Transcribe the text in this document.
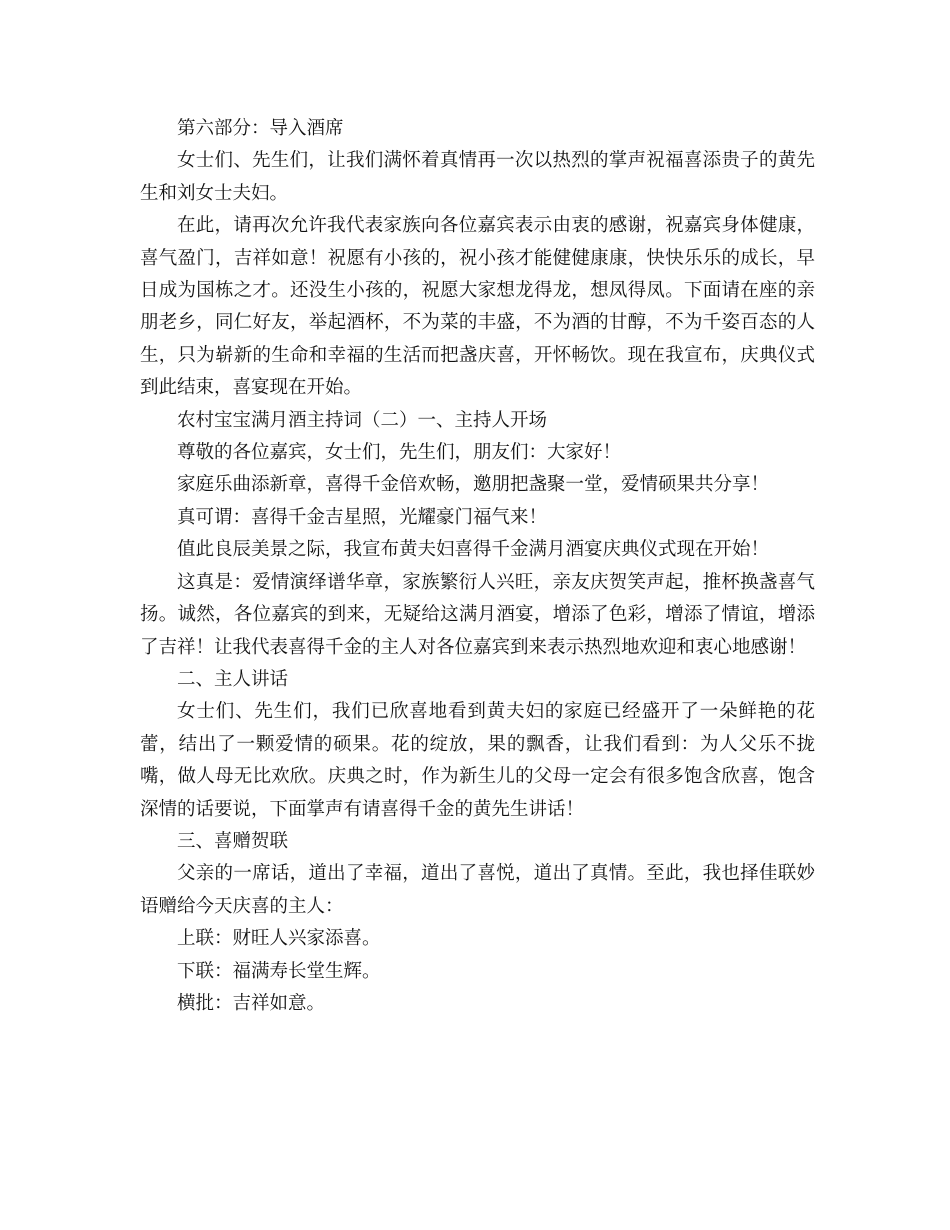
第六部分：导入酒席

女士们、先生们，让我们满怀着真情再一次以热烈的掌声祝福喜添贵子的黄先生和刘女士夫妇。

在此，请再次允许我代表家族向各位嘉宾表示由衷的感谢，祝嘉宾身体健康，喜气盈门，吉祥如意！祝愿有小孩的，祝小孩才能健健康康，快快乐乐的成长，早日成为国栋之才。还没生小孩的，祝愿大家想龙得龙，想凤得凤。下面请在座的亲朋老乡，同仁好友，举起酒杯，不为菜的丰盛，不为酒的甘醇，不为千姿百态的人生，只为崭新的生命和幸福的生活而把盏庆喜，开怀畅饮。现在我宣布，庆典仪式到此结束，喜宴现在开始。

农村宝宝满月酒主持词（二）一、主持人开场

尊敬的各位嘉宾，女士们，先生们，朋友们：大家好！

家庭乐曲添新章，喜得千金倍欢畅，邀朋把盏聚一堂，爱情硕果共分享！

真可谓：喜得千金吉星照，光耀豪门福气来！

值此良辰美景之际，我宣布黄夫妇喜得千金满月酒宴庆典仪式现在开始！

这真是：爱情演绎谱华章，家族繁衍人兴旺，亲友庆贺笑声起，推杯换盏喜气扬。诚然，各位嘉宾的到来，无疑给这满月酒宴，增添了色彩，增添了情谊，增添了吉祥！让我代表喜得千金的主人对各位嘉宾到来表示热烈地欢迎和衷心地感谢！

二、主人讲话

女士们、先生们，我们已欣喜地看到黄夫妇的家庭已经盛开了一朵鲜艳的花蕾，结出了一颗爱情的硕果。花的绽放，果的飘香，让我们看到：为人父乐不拢嘴，做人母无比欢欣。庆典之时，作为新生儿的父母一定会有很多饱含欣喜，饱含深情的话要说，下面掌声有请喜得千金的黄先生讲话！

三、喜赠贺联

父亲的一席话，道出了幸福，道出了喜悦，道出了真情。至此，我也择佳联妙语赠给今天庆喜的主人：

上联：财旺人兴家添喜。

下联：福满寿长堂生辉。

横批：吉祥如意。
